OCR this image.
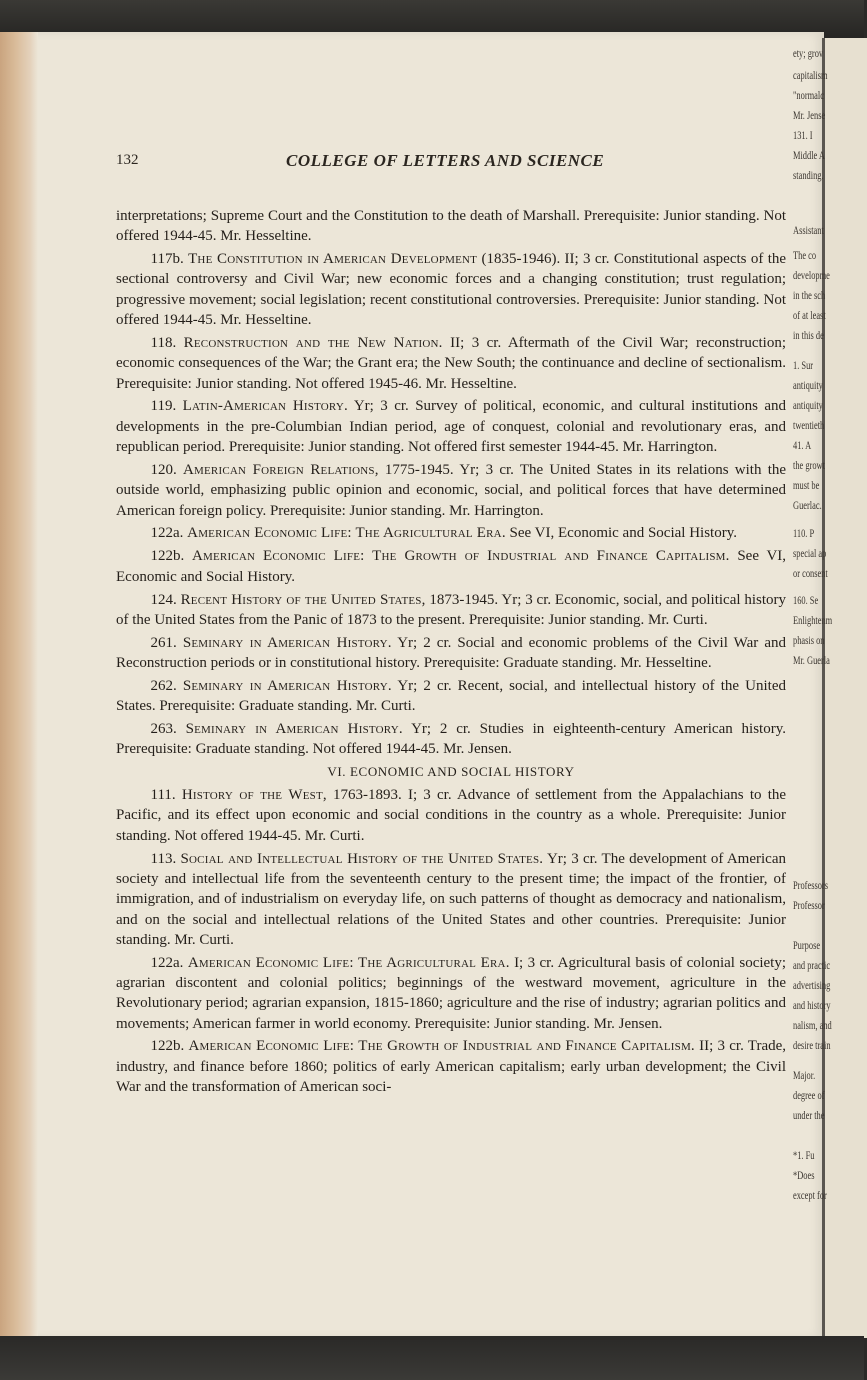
ety; grov
capitalism
"normalc
Mr. Jense
131. I
Middle A
standing.
Assistant
The co
developme
in the sch
of at least
in this de
1. Sur
antiquity
antiquity
twentieth
41. A
the growt
must be
Guerlac.
110. P
special ap
or consent
160. Se
Enlightenm
phasis on
Mr. Guerla
Professors
Professor
Purpose
and practic
advertising
and history
nalism, and
desire train
Major.
degree of
under the
*1. Fu
*Does
except for
132	COLLEGE OF LETTERS AND SCIENCE

interpretations; Supreme Court and the Constitution to the death of Marshall. Prerequisite: Junior standing. Not offered 1944-45. Mr. Hesseltine.

117b. The Constitution in American Development (1835-1946). II; 3 cr. Constitutional aspects of the sectional controversy and Civil War; new economic forces and a changing constitution; trust regulation; progressive movement; social legislation; recent constitutional controversies. Prerequisite: Junior standing. Not offered 1944-45. Mr. Hesseltine.

118. Reconstruction and the New Nation. II; 3 cr. Aftermath of the Civil War; reconstruction; economic consequences of the War; the Grant era; the New South; the continuance and decline of sectionalism. Prerequisite: Junior standing. Not offered 1945-46. Mr. Hesseltine.

119. Latin-American History. Yr; 3 cr. Survey of political, economic, and cultural institutions and developments in the pre-Columbian Indian period, age of conquest, colonial and revolutionary eras, and republican period. Prerequisite: Junior standing. Not offered first semester 1944-45. Mr. Harrington.

120. American Foreign Relations, 1775-1945. Yr; 3 cr. The United States in its relations with the outside world, emphasizing public opinion and economic, social, and political forces that have determined American foreign policy. Prerequisite: Junior standing. Mr. Harrington.

122a. American Economic Life: The Agricultural Era. See VI, Economic and Social History.

122b. American Economic Life: The Growth of Industrial and Finance Capitalism. See VI, Economic and Social History.

124. Recent History of the United States, 1873-1945. Yr; 3 cr. Economic, social, and political history of the United States from the Panic of 1873 to the present. Prerequisite: Junior standing. Mr. Curti.

261. Seminary in American History. Yr; 2 cr. Social and economic problems of the Civil War and Reconstruction periods or in constitutional history. Prerequisite: Graduate standing. Mr. Hesseltine.

262. Seminary in American History. Yr; 2 cr. Recent, social, and intellectual history of the United States. Prerequisite: Graduate standing. Mr. Curti.

263. Seminary in American History. Yr; 2 cr. Studies in eighteenth-century American history. Prerequisite: Graduate standing. Not offered 1944-45. Mr. Jensen.

VI. ECONOMIC AND SOCIAL HISTORY

111. History of the West, 1763-1893. I; 3 cr. Advance of settlement from the Appalachians to the Pacific, and its effect upon economic and social conditions in the country as a whole. Prerequisite: Junior standing. Not offered 1944-45. Mr. Curti.

113. Social and Intellectual History of the United States. Yr; 3 cr. The development of American society and intellectual life from the seventeenth century to the present time; the impact of the frontier, of immigration, and of industrialism on everyday life, on such patterns of thought as democracy and nationalism, and on the social and intellectual relations of the United States and other countries. Prerequisite: Junior standing. Mr. Curti.

122a. American Economic Life: The Agricultural Era. I; 3 cr. Agricultural basis of colonial society; agrarian discontent and colonial politics; beginnings of the westward movement, agriculture in the Revolutionary period; agrarian expansion, 1815-1860; agriculture and the rise of industry; agrarian politics and movements; American farmer in world economy. Prerequisite: Junior standing. Mr. Jensen.

122b. American Economic Life: The Growth of Industrial and Finance Capitalism. II; 3 cr. Trade, industry, and finance before 1860; politics of early American capitalism; early urban development; the Civil War and the transformation of American soci-
